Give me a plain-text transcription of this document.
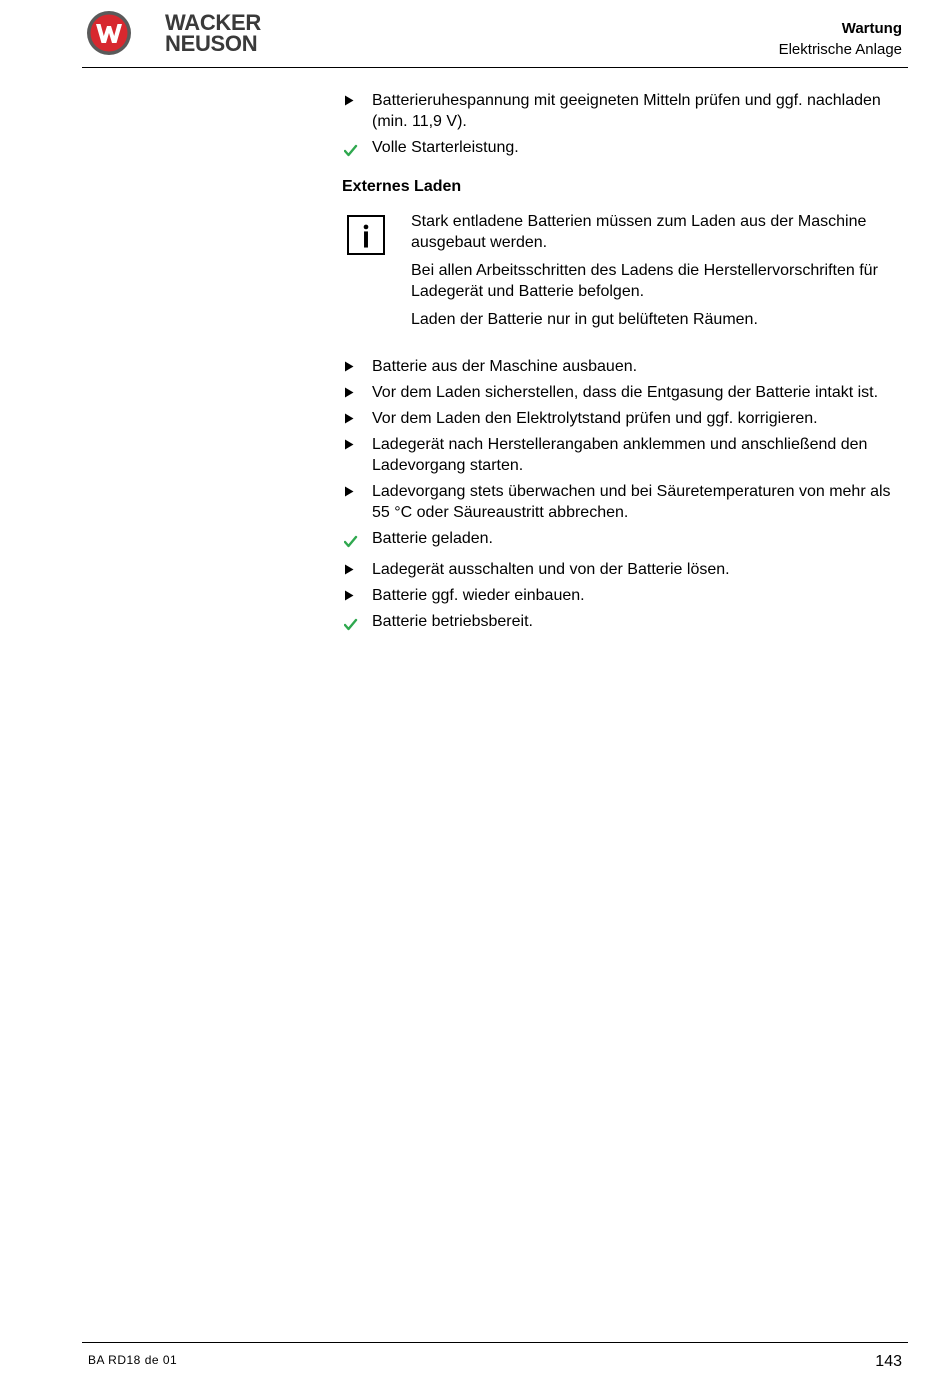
WACKER
NEUSON
Wartung
Elektrische Anlage
Batterieruhespannung mit geeigneten Mitteln prüfen und ggf. nachladen (min. 11,9 V).
Volle Starterleistung.
Externes Laden

Stark entladene Batterien müssen zum Laden aus der Maschine ausgebaut werden.

Bei allen Arbeitsschritten des Ladens die Herstellervorschriften für Ladegerät und Batterie befolgen.

Laden der Batterie nur in gut belüfteten Räumen.

Batterie aus der Maschine ausbauen.
Vor dem Laden sicherstellen, dass die Entgasung der Batterie intakt ist.
Vor dem Laden den Elektrolytstand prüfen und ggf. korrigieren.
Ladegerät nach Herstellerangaben anklemmen und anschließend den Ladevorgang starten.
Ladevorgang stets überwachen und bei Säuretemperaturen von mehr als 55 °C oder Säureaustritt abbrechen.
Batterie geladen.
Ladegerät ausschalten und von der Batterie lösen.
Batterie ggf. wieder einbauen.
Batterie betriebsbereit.
BA RD18 de 01	143
